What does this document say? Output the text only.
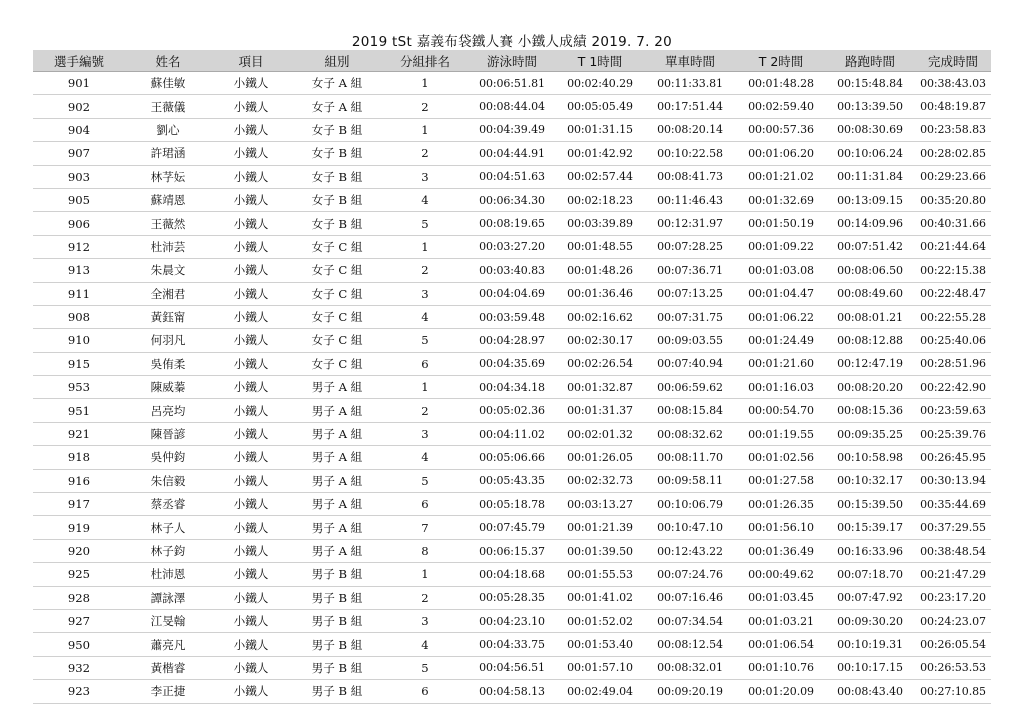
2019 tSt 嘉義布袋鐵人賽 小鐵人成績 2019. 7. 20
選手編號	姓名	項目	組別	分組排名	游泳時間	T 1時間	單車時間	T 2時間	路跑時間	完成時間
901	蘇佳敏	小鐵人	女子 A 組	1	00:06:51.81	00:02:40.29	00:11:33.81	00:01:48.28	00:15:48.84	00:38:43.03
902	王薇儀	小鐵人	女子 A 組	2	00:08:44.04	00:05:05.49	00:17:51.44	00:02:59.40	00:13:39.50	00:48:19.87
904	劉心	小鐵人	女子 B 組	1	00:04:39.49	00:01:31.15	00:08:20.14	00:00:57.36	00:08:30.69	00:23:58.83
907	許珺涵	小鐵人	女子 B 組	2	00:04:44.91	00:01:42.92	00:10:22.58	00:01:06.20	00:10:06.24	00:28:02.85
903	林芓妘	小鐵人	女子 B 組	3	00:04:51.63	00:02:57.44	00:08:41.73	00:01:21.02	00:11:31.84	00:29:23.66
905	蘇靖恩	小鐵人	女子 B 組	4	00:06:34.30	00:02:18.23	00:11:46.43	00:01:32.69	00:13:09.15	00:35:20.80
906	王薇然	小鐵人	女子 B 組	5	00:08:19.65	00:03:39.89	00:12:31.97	00:01:50.19	00:14:09.96	00:40:31.66
912	杜沛芸	小鐵人	女子 C 組	1	00:03:27.20	00:01:48.55	00:07:28.25	00:01:09.22	00:07:51.42	00:21:44.64
913	朱晨文	小鐵人	女子 C 組	2	00:03:40.83	00:01:48.26	00:07:36.71	00:01:03.08	00:08:06.50	00:22:15.38
911	全湘君	小鐵人	女子 C 組	3	00:04:04.69	00:01:36.46	00:07:13.25	00:01:04.47	00:08:49.60	00:22:48.47
908	黃鈺甯	小鐵人	女子 C 組	4	00:03:59.48	00:02:16.62	00:07:31.75	00:01:06.22	00:08:01.21	00:22:55.28
910	何羽凡	小鐵人	女子 C 組	5	00:04:28.97	00:02:30.17	00:09:03.55	00:01:24.49	00:08:12.88	00:25:40.06
915	吳侑柔	小鐵人	女子 C 組	6	00:04:35.69	00:02:26.54	00:07:40.94	00:01:21.60	00:12:47.19	00:28:51.96
953	陳威蓁	小鐵人	男子 A 組	1	00:04:34.18	00:01:32.87	00:06:59.62	00:01:16.03	00:08:20.20	00:22:42.90
951	呂亮均	小鐵人	男子 A 組	2	00:05:02.36	00:01:31.37	00:08:15.84	00:00:54.70	00:08:15.36	00:23:59.63
921	陳晉諺	小鐵人	男子 A 組	3	00:04:11.02	00:02:01.32	00:08:32.62	00:01:19.55	00:09:35.25	00:25:39.76
918	吳仲鈞	小鐵人	男子 A 組	4	00:05:06.66	00:01:26.05	00:08:11.70	00:01:02.56	00:10:58.98	00:26:45.95
916	朱信毅	小鐵人	男子 A 組	5	00:05:43.35	00:02:32.73	00:09:58.11	00:01:27.58	00:10:32.17	00:30:13.94
917	蔡丞睿	小鐵人	男子 A 組	6	00:05:18.78	00:03:13.27	00:10:06.79	00:01:26.35	00:15:39.50	00:35:44.69
919	林子人	小鐵人	男子 A 組	7	00:07:45.79	00:01:21.39	00:10:47.10	00:01:56.10	00:15:39.17	00:37:29.55
920	林子鈞	小鐵人	男子 A 組	8	00:06:15.37	00:01:39.50	00:12:43.22	00:01:36.49	00:16:33.96	00:38:48.54
925	杜沛恩	小鐵人	男子 B 組	1	00:04:18.68	00:01:55.53	00:07:24.76	00:00:49.62	00:07:18.70	00:21:47.29
928	譚詠澤	小鐵人	男子 B 組	2	00:05:28.35	00:01:41.02	00:07:16.46	00:01:03.45	00:07:47.92	00:23:17.20
927	江旻翰	小鐵人	男子 B 組	3	00:04:23.10	00:01:52.02	00:07:34.54	00:01:03.21	00:09:30.20	00:24:23.07
950	蕭亮凡	小鐵人	男子 B 組	4	00:04:33.75	00:01:53.40	00:08:12.54	00:01:06.54	00:10:19.31	00:26:05.54
932	黃楷睿	小鐵人	男子 B 組	5	00:04:56.51	00:01:57.10	00:08:32.01	00:01:10.76	00:10:17.15	00:26:53.53
923	李正捷	小鐵人	男子 B 組	6	00:04:58.13	00:02:49.04	00:09:20.19	00:01:20.09	00:08:43.40	00:27:10.85
